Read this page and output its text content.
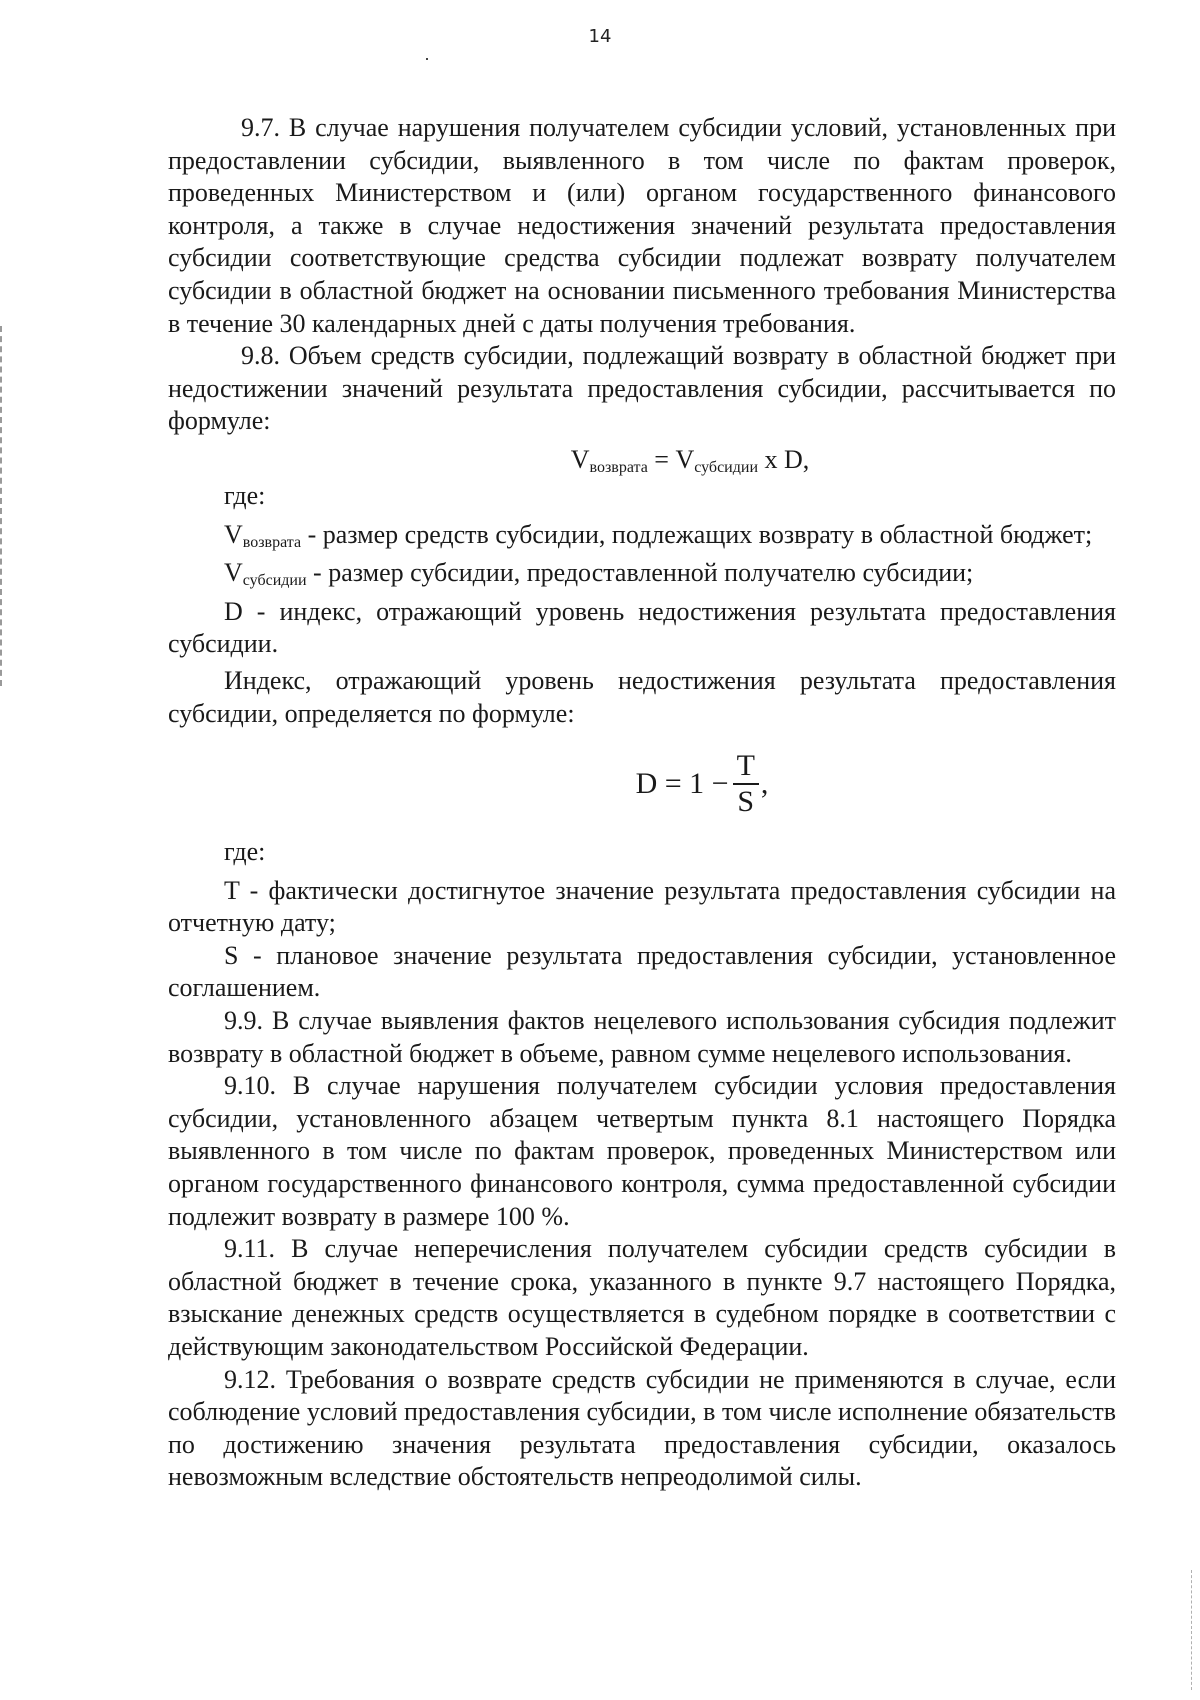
14

9.7. В случае нарушения получателем субсидии условий, установленных при предоставлении субсидии, выявленного в том числе по фактам проверок, проведенных Министерством и (или) органом государственного финансового контроля, а также в случае недостижения значений результата предоставления субсидии соответствующие средства субсидии подлежат возврату получателем субсидии в областной бюджет на основании письменного требования Министерства в течение 30 календарных дней с даты получения требования.

9.8. Объем средств субсидии, подлежащий возврату в областной бюджет при недостижении значений результата предоставления субсидии, рассчитывается по формуле:

$V_{возврата} = V_{субсидии}$ x D,

где:

$V_{возврата}$ - размер средств субсидии, подлежащих возврату в областной бюджет;

$V_{субсидии}$ - размер субсидии, предоставленной получателю субсидии;

D - индекс, отражающий уровень недостижения результата предоставления субсидии.

Индекс, отражающий уровень недостижения результата предоставления субсидии, определяется по формуле:

$D = 1 - \frac{T}{S}$ ,

где:

T - фактически достигнутое значение результата предоставления субсидии на отчетную дату;

S - плановое значение результата предоставления субсидии, установленное соглашением.

9.9. В случае выявления фактов нецелевого использования субсидия подлежит возврату в областной бюджет в объеме, равном сумме нецелевого использования.

9.10. В случае нарушения получателем субсидии условия предоставления субсидии, установленного абзацем четвертым пункта 8.1 настоящего Порядка выявленного в том числе по фактам проверок, проведенных Министерством или органом государственного финансового контроля, сумма предоставленной субсидии подлежит возврату в размере 100 %.

9.11. В случае неперечисления получателем субсидии средств субсидии в областной бюджет в течение срока, указанного в пункте 9.7 настоящего Порядка, взыскание денежных средств осуществляется в судебном порядке в соответствии с действующим законодательством Российской Федерации.

9.12. Требования о возврате средств субсидии не применяются в случае, если соблюдение условий предоставления субсидии, в том числе исполнение обязательств по достижению значения результата предоставления субсидии, оказалось невозможным вследствие обстоятельств непреодолимой силы.
